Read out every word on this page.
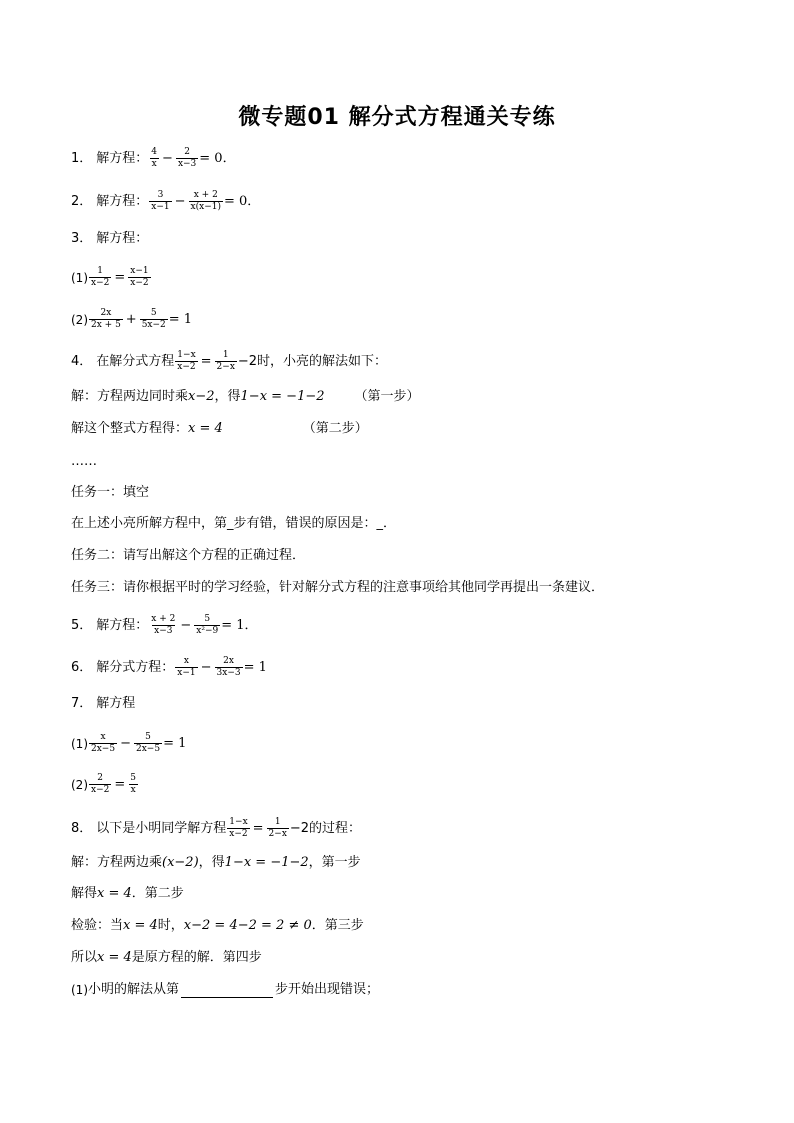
微专题01 解分式方程通关专练
1． 解方程： $\frac{4}{x} - \frac{2}{x-3} = 0$．
2． 解方程： $\frac{3}{x-1} - \frac{x + 2}{x(x-1)} = 0$．
3． 解方程：
$(1) \frac{1}{x-2} = \frac{x-1}{x-2}$
$(2) \frac{2x}{2x + 5} + \frac{5}{5x-2} = 1$
4． 在解分式方程 $\frac{1-x}{x-2} = \frac{1}{2-x} -2$时，小亮的解法如下：
解：方程两边同时乘 x−2 ，得 1−x = −1−2 （第一步）
解这个整式方程得： x = 4	（第二步）
……
任务一：填空
在上述小亮所解方程中，第_步有错，错误的原因是：_．
任务二：请写出解这个方程的正确过程．
任务三：请你根据平时的学习经验，针对解分式方程的注意事项给其他同学再提出一条建议．
5． 解方程： $\frac{x + 2}{x-3} - \frac{5}{\text{x²−9}} = 1$．
6． 解分式方程： $\frac{x}{x-1} - \frac{2x}{3x-3} = 1$
7． 解方程
$(1) \frac{x}{2x-5} - \frac{5}{2x-5} = 1$
$(2) \frac{2}{x-2} = \frac{5}{x}$
8． 以下是小明同学解方程 $\frac{1-x}{x-2} = \frac{1}{2-x} -2$的过程：
解：方程两边乘 (x−2) ，得 1−x = −1−2 ，第一步
解得 x = 4 ．第二步
检验：当 x = 4 时， x−2 = 4−2 = 2 ≠ 0 ．第三步
所以 x = 4 是原方程的解．第四步
(1) 小明的解法从第	步开始出现错误；
